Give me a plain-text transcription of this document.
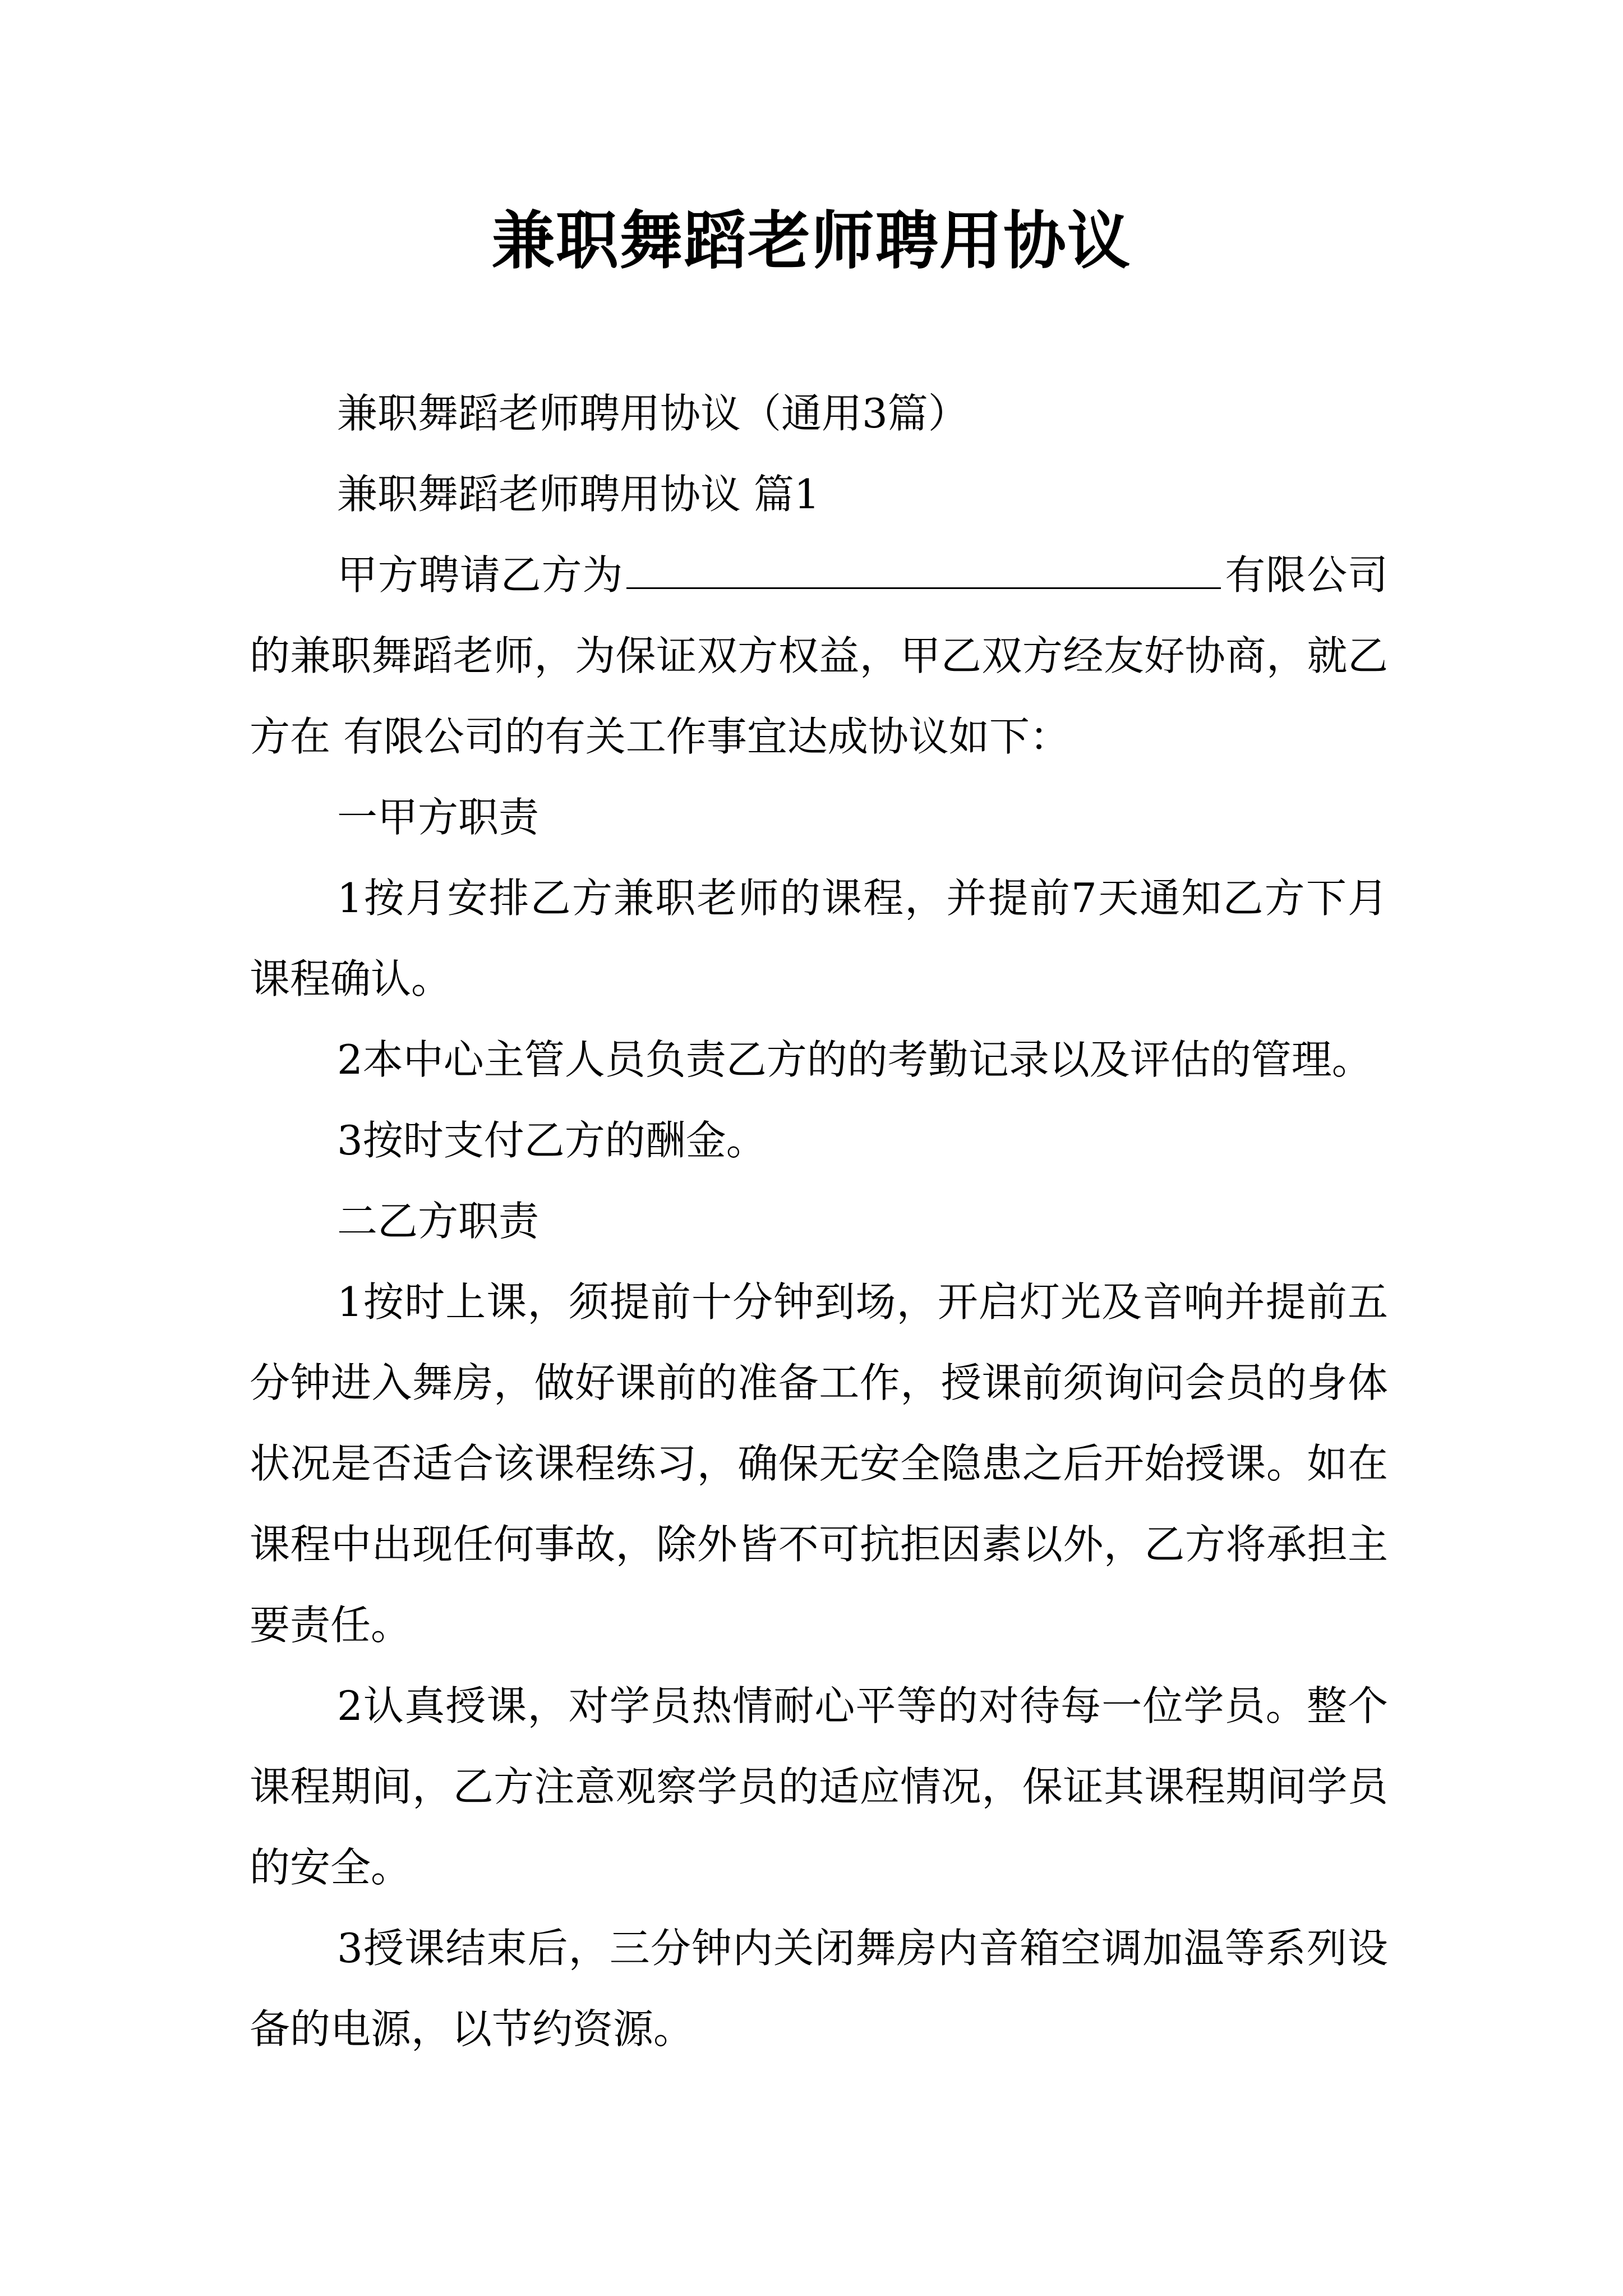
兼职舞蹈老师聘用协议

兼职舞蹈老师聘用协议（通用3篇）

兼职舞蹈老师聘用协议 篇1

甲方聘请乙方为	有限公司的兼职舞蹈老师，为保证双方权益，甲乙双方经友好协商，就乙方在 有限公司的有关工作事宜达成协议如下：

一甲方职责

1按月安排乙方兼职老师的课程，并提前7天通知乙方下月课程确认。

2本中心主管人员负责乙方的的考勤记录以及评估的管理。

3按时支付乙方的酬金。

二乙方职责

1按时上课，须提前十分钟到场，开启灯光及音响并提前五分钟进入舞房，做好课前的准备工作，授课前须询问会员的身体状况是否适合该课程练习，确保无安全隐患之后开始授课。如在课程中出现任何事故，除外皆不可抗拒因素以外，乙方将承担主要责任。

2认真授课，对学员热情耐心平等的对待每一位学员。整个课程期间，乙方注意观察学员的适应情况，保证其课程期间学员的安全。

3授课结束后，三分钟内关闭舞房内音箱空调加温等系列设备的电源，以节约资源。
